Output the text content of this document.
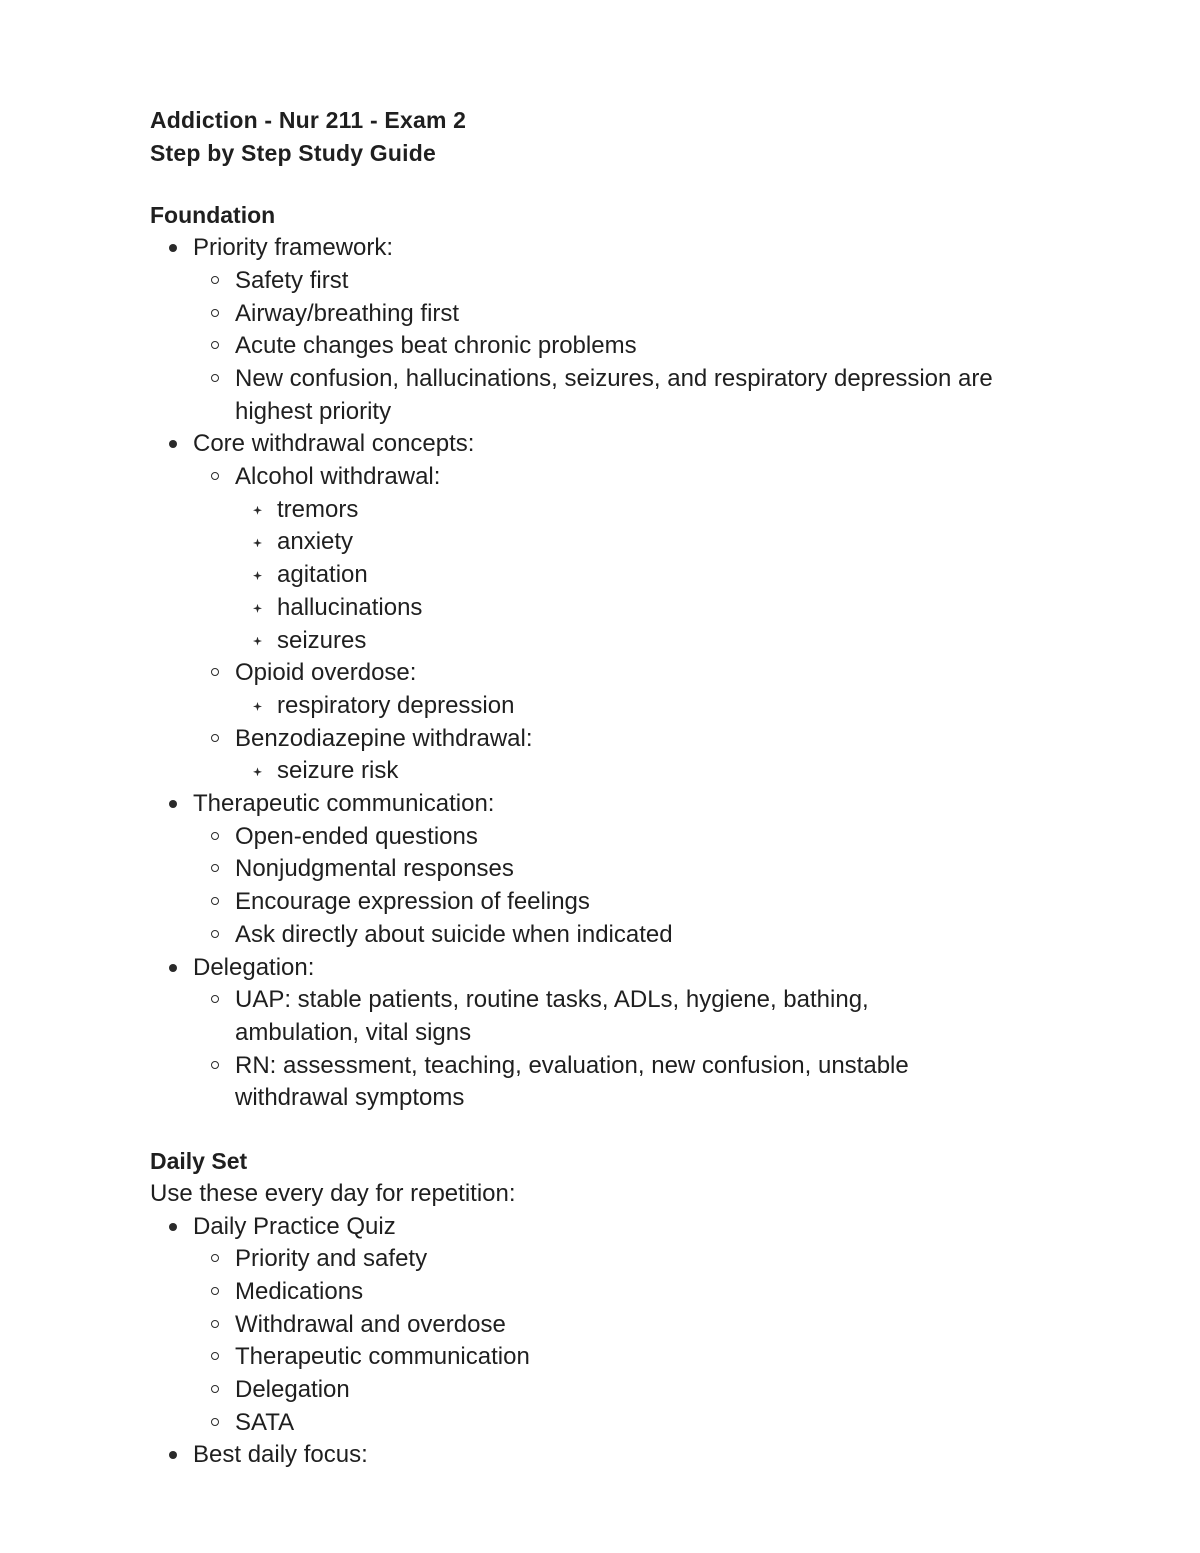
Addiction - Nur 211 - Exam 2
Step by Step Study Guide
Foundation
Priority framework:
Safety first
Airway/breathing first
Acute changes beat chronic problems
New confusion, hallucinations, seizures, and respiratory depression are highest priority
Core withdrawal concepts:
Alcohol withdrawal:
tremors
anxiety
agitation
hallucinations
seizures
Opioid overdose:
respiratory depression
Benzodiazepine withdrawal:
seizure risk
Therapeutic communication:
Open-ended questions
Nonjudgmental responses
Encourage expression of feelings
Ask directly about suicide when indicated
Delegation:
UAP: stable patients, routine tasks, ADLs, hygiene, bathing, ambulation, vital signs
RN: assessment, teaching, evaluation, new confusion, unstable withdrawal symptoms
Daily Set
Use these every day for repetition:
Daily Practice Quiz
Priority and safety
Medications
Withdrawal and overdose
Therapeutic communication
Delegation
SATA
Best daily focus:
